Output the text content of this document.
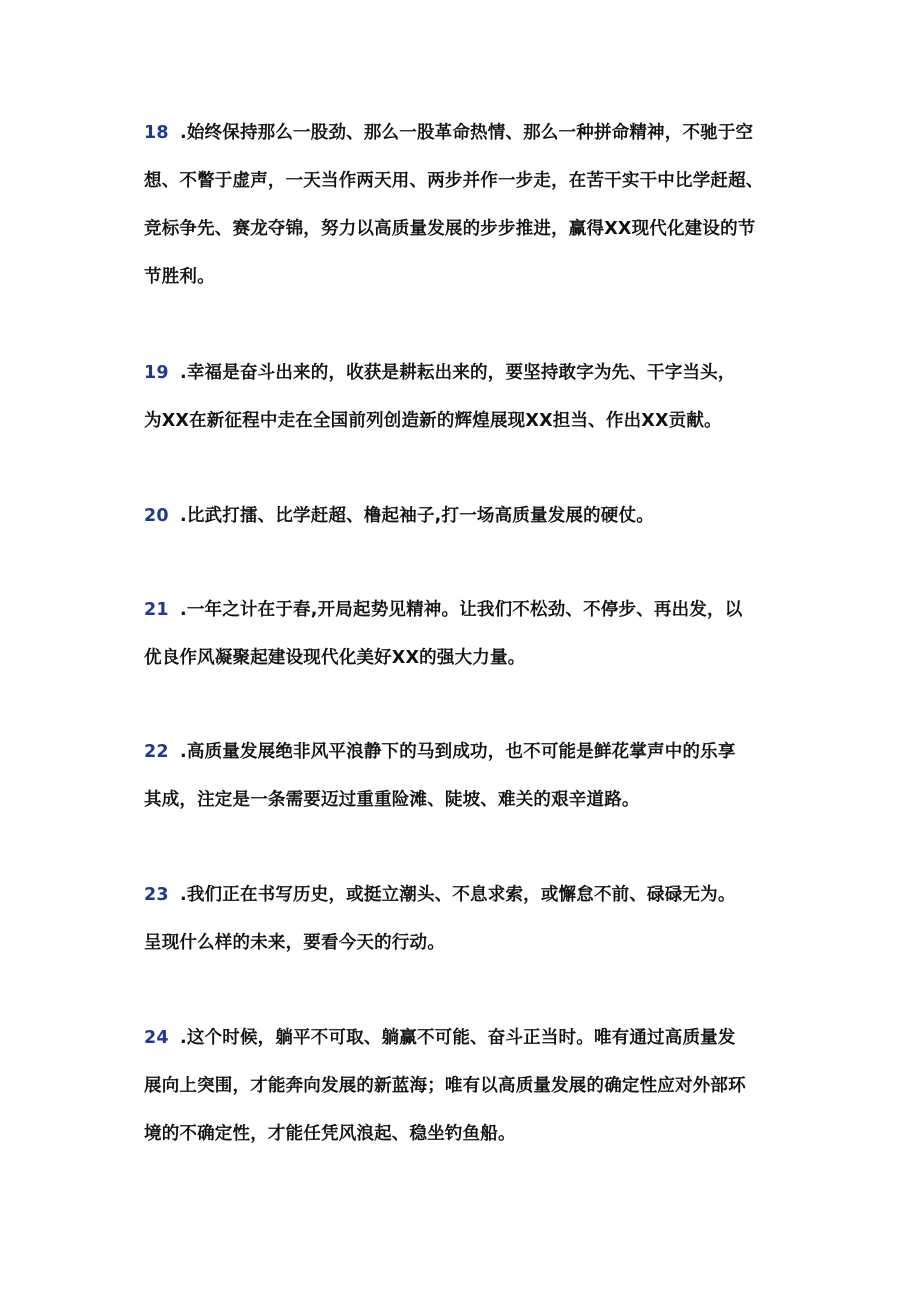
18 .始终保持那么一股劲、那么一股革命热情、那么一种拼命精神，不驰于空
想、不瞥于虚声，一天当作两天用、两步并作一步走，在苦干实干中比学赶超、
竞标争先、赛龙夺锦，努力以高质量发展的步步推进，赢得XX现代化建设的节
节胜利。
19 .幸福是奋斗出来的，收获是耕耘出来的，要坚持敢字为先、干字当头，
为XX在新征程中走在全国前列创造新的辉煌展现XX担当、作出XX贡献。
20 .比武打擂、比学赶超、橹起袖子,打一场高质量发展的硬仗。
21 .一年之计在于春,开局起势见精神。让我们不松劲、不停步、再出发，以
优良作风凝聚起建设现代化美好XX的强大力量。
22 .高质量发展绝非风平浪静下的马到成功，也不可能是鲜花掌声中的乐享
其成，注定是一条需要迈过重重险滩、陡坡、难关的艰辛道路。
23 .我们正在书写历史，或挺立潮头、不息求索，或懈怠不前、碌碌无为。
呈现什么样的未来，要看今天的行动。
24 .这个时候，躺平不可取、躺赢不可能、奋斗正当时。唯有通过高质量发
展向上突围，才能奔向发展的新蓝海；唯有以高质量发展的确定性应对外部环
境的不确定性，才能任凭风浪起、稳坐钓鱼船。
